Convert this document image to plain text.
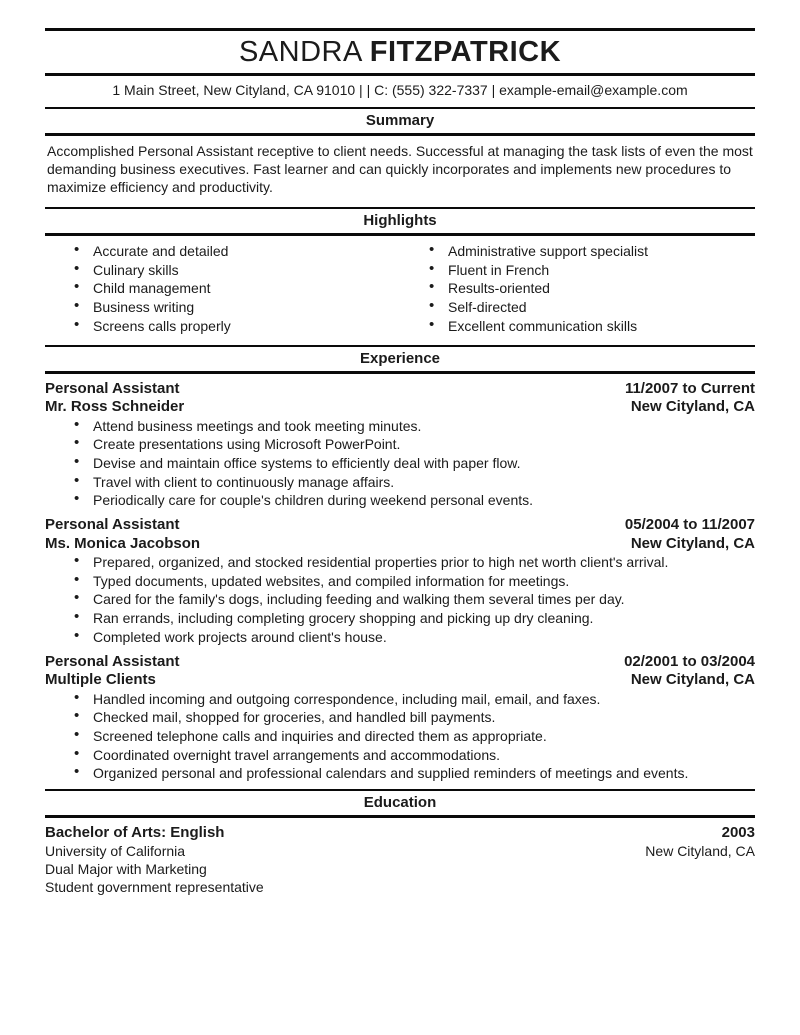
SANDRA FITZPATRICK
1 Main Street, New Cityland, CA 91010 | | C: (555) 322-7337 | example-email@example.com
Summary

Accomplished Personal Assistant receptive to client needs. Successful at managing the task lists of even the most demanding business executives. Fast learner and can quickly incorporates and implements new procedures to maximize efficiency and productivity.

Highlights
• Accurate and detailed
• Culinary skills
• Child management
• Business writing
• Screens calls properly
• Administrative support specialist
• Fluent in French
• Results-oriented
• Self-directed
• Excellent communication skills
Experience
Personal Assistant
Mr. Ross Schneider
11/2007 to Current
New Cityland, CA
• Attend business meetings and took meeting minutes.
• Create presentations using Microsoft PowerPoint.
• Devise and maintain office systems to efficiently deal with paper flow.
• Travel with client to continuously manage affairs.
• Periodically care for couple's children during weekend personal events.
Personal Assistant
Ms. Monica Jacobson
05/2004 to 11/2007
New Cityland, CA
• Prepared, organized, and stocked residential properties prior to high net worth client's arrival.
• Typed documents, updated websites, and compiled information for meetings.
• Cared for the family's dogs, including feeding and walking them several times per day.
• Ran errands, including completing grocery shopping and picking up dry cleaning.
• Completed work projects around client's house.
Personal Assistant
Multiple Clients
02/2001 to 03/2004
New Cityland, CA
• Handled incoming and outgoing correspondence, including mail, email, and faxes.
• Checked mail, shopped for groceries, and handled bill payments.
• Screened telephone calls and inquiries and directed them as appropriate.
• Coordinated overnight travel arrangements and accommodations.
• Organized personal and professional calendars and supplied reminders of meetings and events.
Education
Bachelor of Arts: English
University of California
Dual Major with Marketing
Student government representative
2003
New Cityland, CA
